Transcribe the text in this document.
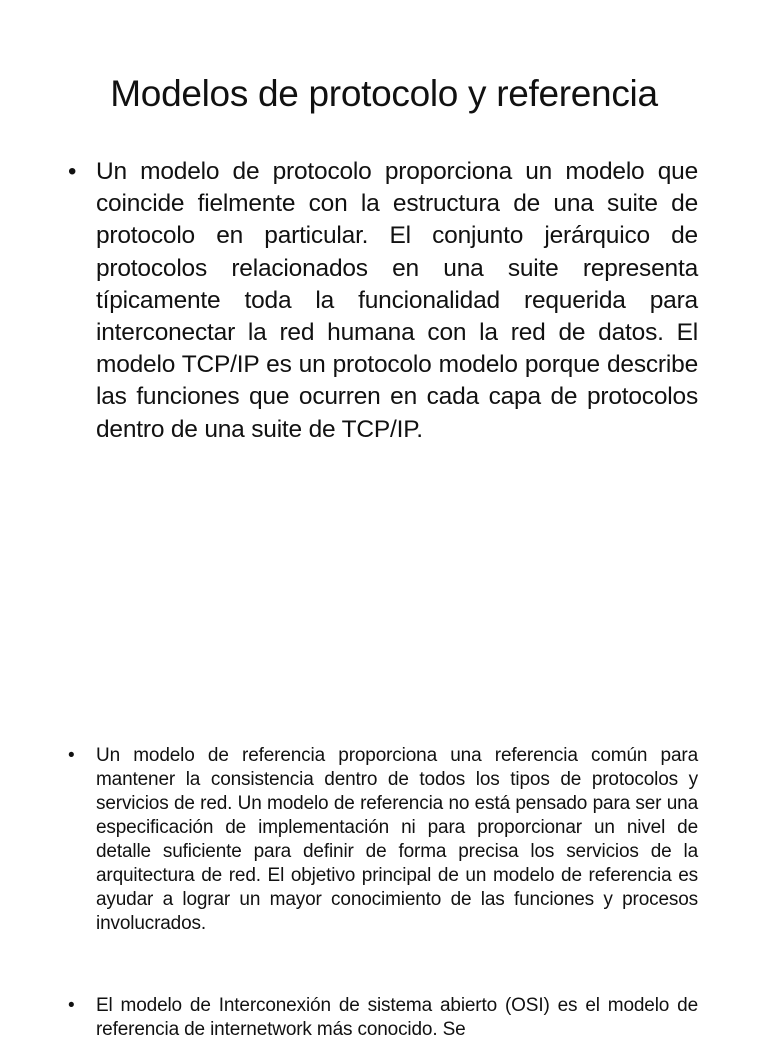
Modelos de protocolo y referencia
• Un modelo de protocolo proporciona un modelo que coincide fielmente con la estructura de una suite de protocolo en particular. El conjunto jerárquico de protocolos relacionados en una suite representa típicamente toda la funcionalidad requerida para interconectar la red humana con la red de datos. El modelo TCP/IP es un protocolo modelo porque describe las funciones que ocurren en cada capa de protocolos dentro de una suite de TCP/IP.

•	Un modelo de referencia proporciona una referencia común para mantener la consistencia dentro de todos los tipos de protocolos y servicios de red. Un modelo de referencia no está pensado para ser una especificación de implementación ni para proporcionar un nivel de detalle suficiente para definir de forma precisa los servicios de la arquitectura de red. El objetivo principal de un modelo de referencia es ayudar a lograr un mayor conocimiento de las funciones y procesos involucrados.

•	El modelo de Interconexión de sistema abierto (OSI) es el modelo de referencia de internetwork más conocido. Se
